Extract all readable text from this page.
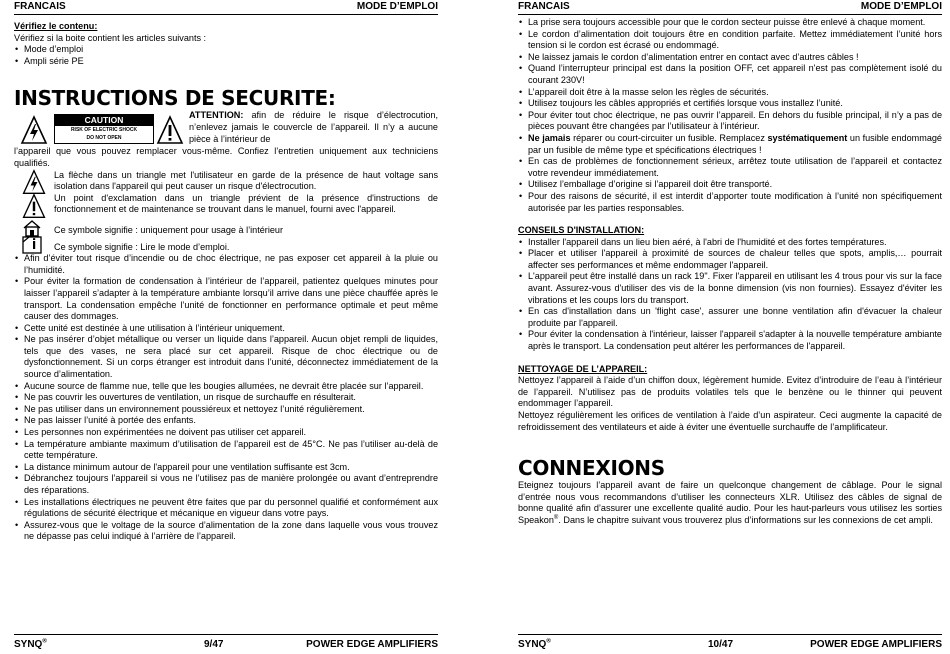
FRANCAIS	MODE D’EMPLOI
Vérifiez le contenu:

Vérifiez si la boite contient les articles suivants :

• Mode d’emploi
• Ampli série PE
INSTRUCTIONS DE SECURITE:
CAUTION
RISK OF ELECTRIC SHOCK
DO NOT OPEN
ATTENTION: afin de réduire le risque d’électrocution, n’enlevez jamais le couvercle de l’appareil. Il n’y a aucune pièce à l’intérieur de

l’appareil que vous pouvez remplacer vous-même. Confiez l’entretien uniquement aux techniciens qualifiés.

La flèche dans un triangle met l'utilisateur en garde de la présence de haut voltage sans isolation dans l'appareil qui peut causer un risque d'électrocution.

Un point d'exclamation dans un triangle prévient de la présence d'instructions de fonctionnement et de maintenance se trouvant dans le manuel, fourni avec l'appareil.

Ce symbole signifie : uniquement pour usage à l’intérieur

Ce symbole signifie : Lire le mode d’emploi.

• Afin d’éviter tout risque d’incendie ou de choc électrique, ne pas exposer cet appareil à la pluie ou l’humidité.
• Pour éviter la formation de condensation à l’intérieur de l’appareil, patientez quelques minutes pour laisser l’appareil s’adapter à la température ambiante lorsqu’il arrive dans une pièce chauffée après le transport. La condensation empêche l’unité de fonctionner en performance optimale et peut même causer des dommages.
• Cette unité est destinée à une utilisation à l’intérieur uniquement.
• Ne pas insérer d’objet métallique ou verser un liquide dans l’appareil. Aucun objet rempli de liquides, tels que des vases, ne sera placé sur cet appareil. Risque de choc électrique ou de dysfonctionnement. Si un corps étranger est introduit dans l’unité, déconnectez immédiatement de la source d’alimentation.
• Aucune source de flamme nue, telle que les bougies allumées, ne devrait être placée sur l’appareil.
• Ne pas couvrir les ouvertures de ventilation, un risque de surchauffe en résulterait.
• Ne pas utiliser dans un environnement poussiéreux et nettoyez l’unité régulièrement.
• Ne pas laisser l’unité à portée des enfants.
• Les personnes non expérimentées ne doivent pas utiliser cet appareil.
• La température ambiante maximum d’utilisation de l’appareil est de 45°C. Ne pas l’utiliser au-delà de cette température.
• La distance minimum autour de l'appareil pour une ventilation suffisante est 3cm.
• Débranchez toujours l’appareil si vous ne l’utilisez pas de manière prolongée ou avant d’entreprendre des réparations.
• Les installations électriques ne peuvent être faites que par du personnel qualifié et conformément aux régulations de sécurité électrique et mécanique en vigueur dans votre pays.
• Assurez-vous que le voltage de la source d’alimentation de la zone dans laquelle vous vous trouvez ne dépasse pas celui indiqué à l’arrière de l’appareil.
SYNQ®	9/47	POWER EDGE AMPLIFIERS
FRANCAIS	MODE D’EMPLOI
• La prise sera toujours accessible pour que le cordon secteur puisse être enlevé à chaque moment.
• Le cordon d’alimentation doit toujours être en condition parfaite. Mettez immédiatement l’unité hors tension si le cordon est écrasé ou endommagé.
• Ne laissez jamais le cordon d’alimentation entrer en contact avec d’autres câbles !
• Quand l’interrupteur principal est dans la position OFF, cet appareil n'est pas complètement isolé du courant 230V!
• L’appareil doit être à la masse selon les règles de sécurités.
• Utilisez toujours les câbles appropriés et certifiés lorsque vous installez l’unité.
• Pour éviter tout choc électrique, ne pas ouvrir l’appareil. En dehors du fusible principal, il n’y a pas de pièces pouvant être changées par l’utilisateur à l’intérieur.
• Ne jamais réparer ou court-circuiter un fusible. Remplacez systématiquement un fusible endommagé par un fusible de même type et spécifications électriques !
• En cas de problèmes de fonctionnement sérieux, arrêtez toute utilisation de l’appareil et contactez votre revendeur immédiatement.
• Utilisez l’emballage d’origine si l’appareil doit être transporté.
• Pour des raisons de sécurité, il est interdit d’apporter toute modification à l’unité non spécifiquement autorisée par les parties responsables.
CONSEILS D'INSTALLATION:
• Installer l'appareil dans un lieu bien aéré, à l'abri de l'humidité et des fortes températures.
• Placer et utiliser l'appareil à proximité de sources de chaleur telles que spots, amplis,… pourrait affecter ses performances et même endommager l'appareil.
• L'appareil peut être installé dans un rack 19". Fixer l'appareil en utilisant les 4 trous pour vis sur la face avant. Assurez-vous d'utiliser des vis de la bonne dimension (vis non fournies). Essayez d'éviter les vibrations et les coups lors du transport.
• En cas d'installation dans un 'flight case', assurer une bonne ventilation afin d'évacuer la chaleur produite par l'appareil.
• Pour éviter la condensation à l'intérieur, laisser l'appareil s'adapter à la nouvelle température ambiante après le transport. La condensation peut altérer les performances de l'appareil.
NETTOYAGE DE L’APPAREIL:

Nettoyez l’appareil à l’aide d’un chiffon doux, légèrement humide. Evitez d’introduire de l’eau à l’intérieur de l’appareil. N’utilisez pas de produits volatiles tels que le benzène ou le thinner qui peuvent endommager l’appareil.

Nettoyez régulièrement les orifices de ventilation à l’aide d’un aspirateur. Ceci augmente la capacité de refroidissement des ventilateurs et aide à éviter une éventuelle surchauffe de l’amplificateur.

CONNEXIONS

Eteignez toujours l’appareil avant de faire un quelconque changement de câblage. Pour le signal d’entrée nous vous recommandons d’utiliser les connecteurs XLR. Utilisez des câbles de signal de bonne qualité afin d’assurer une excellente qualité audio. Pour les haut-parleurs vous utilisez les sorties Speakon®. Dans le chapitre suivant vous trouverez plus d’informations sur les connexions de cet ampli.

SYNQ®	10/47	POWER EDGE AMPLIFIERS
